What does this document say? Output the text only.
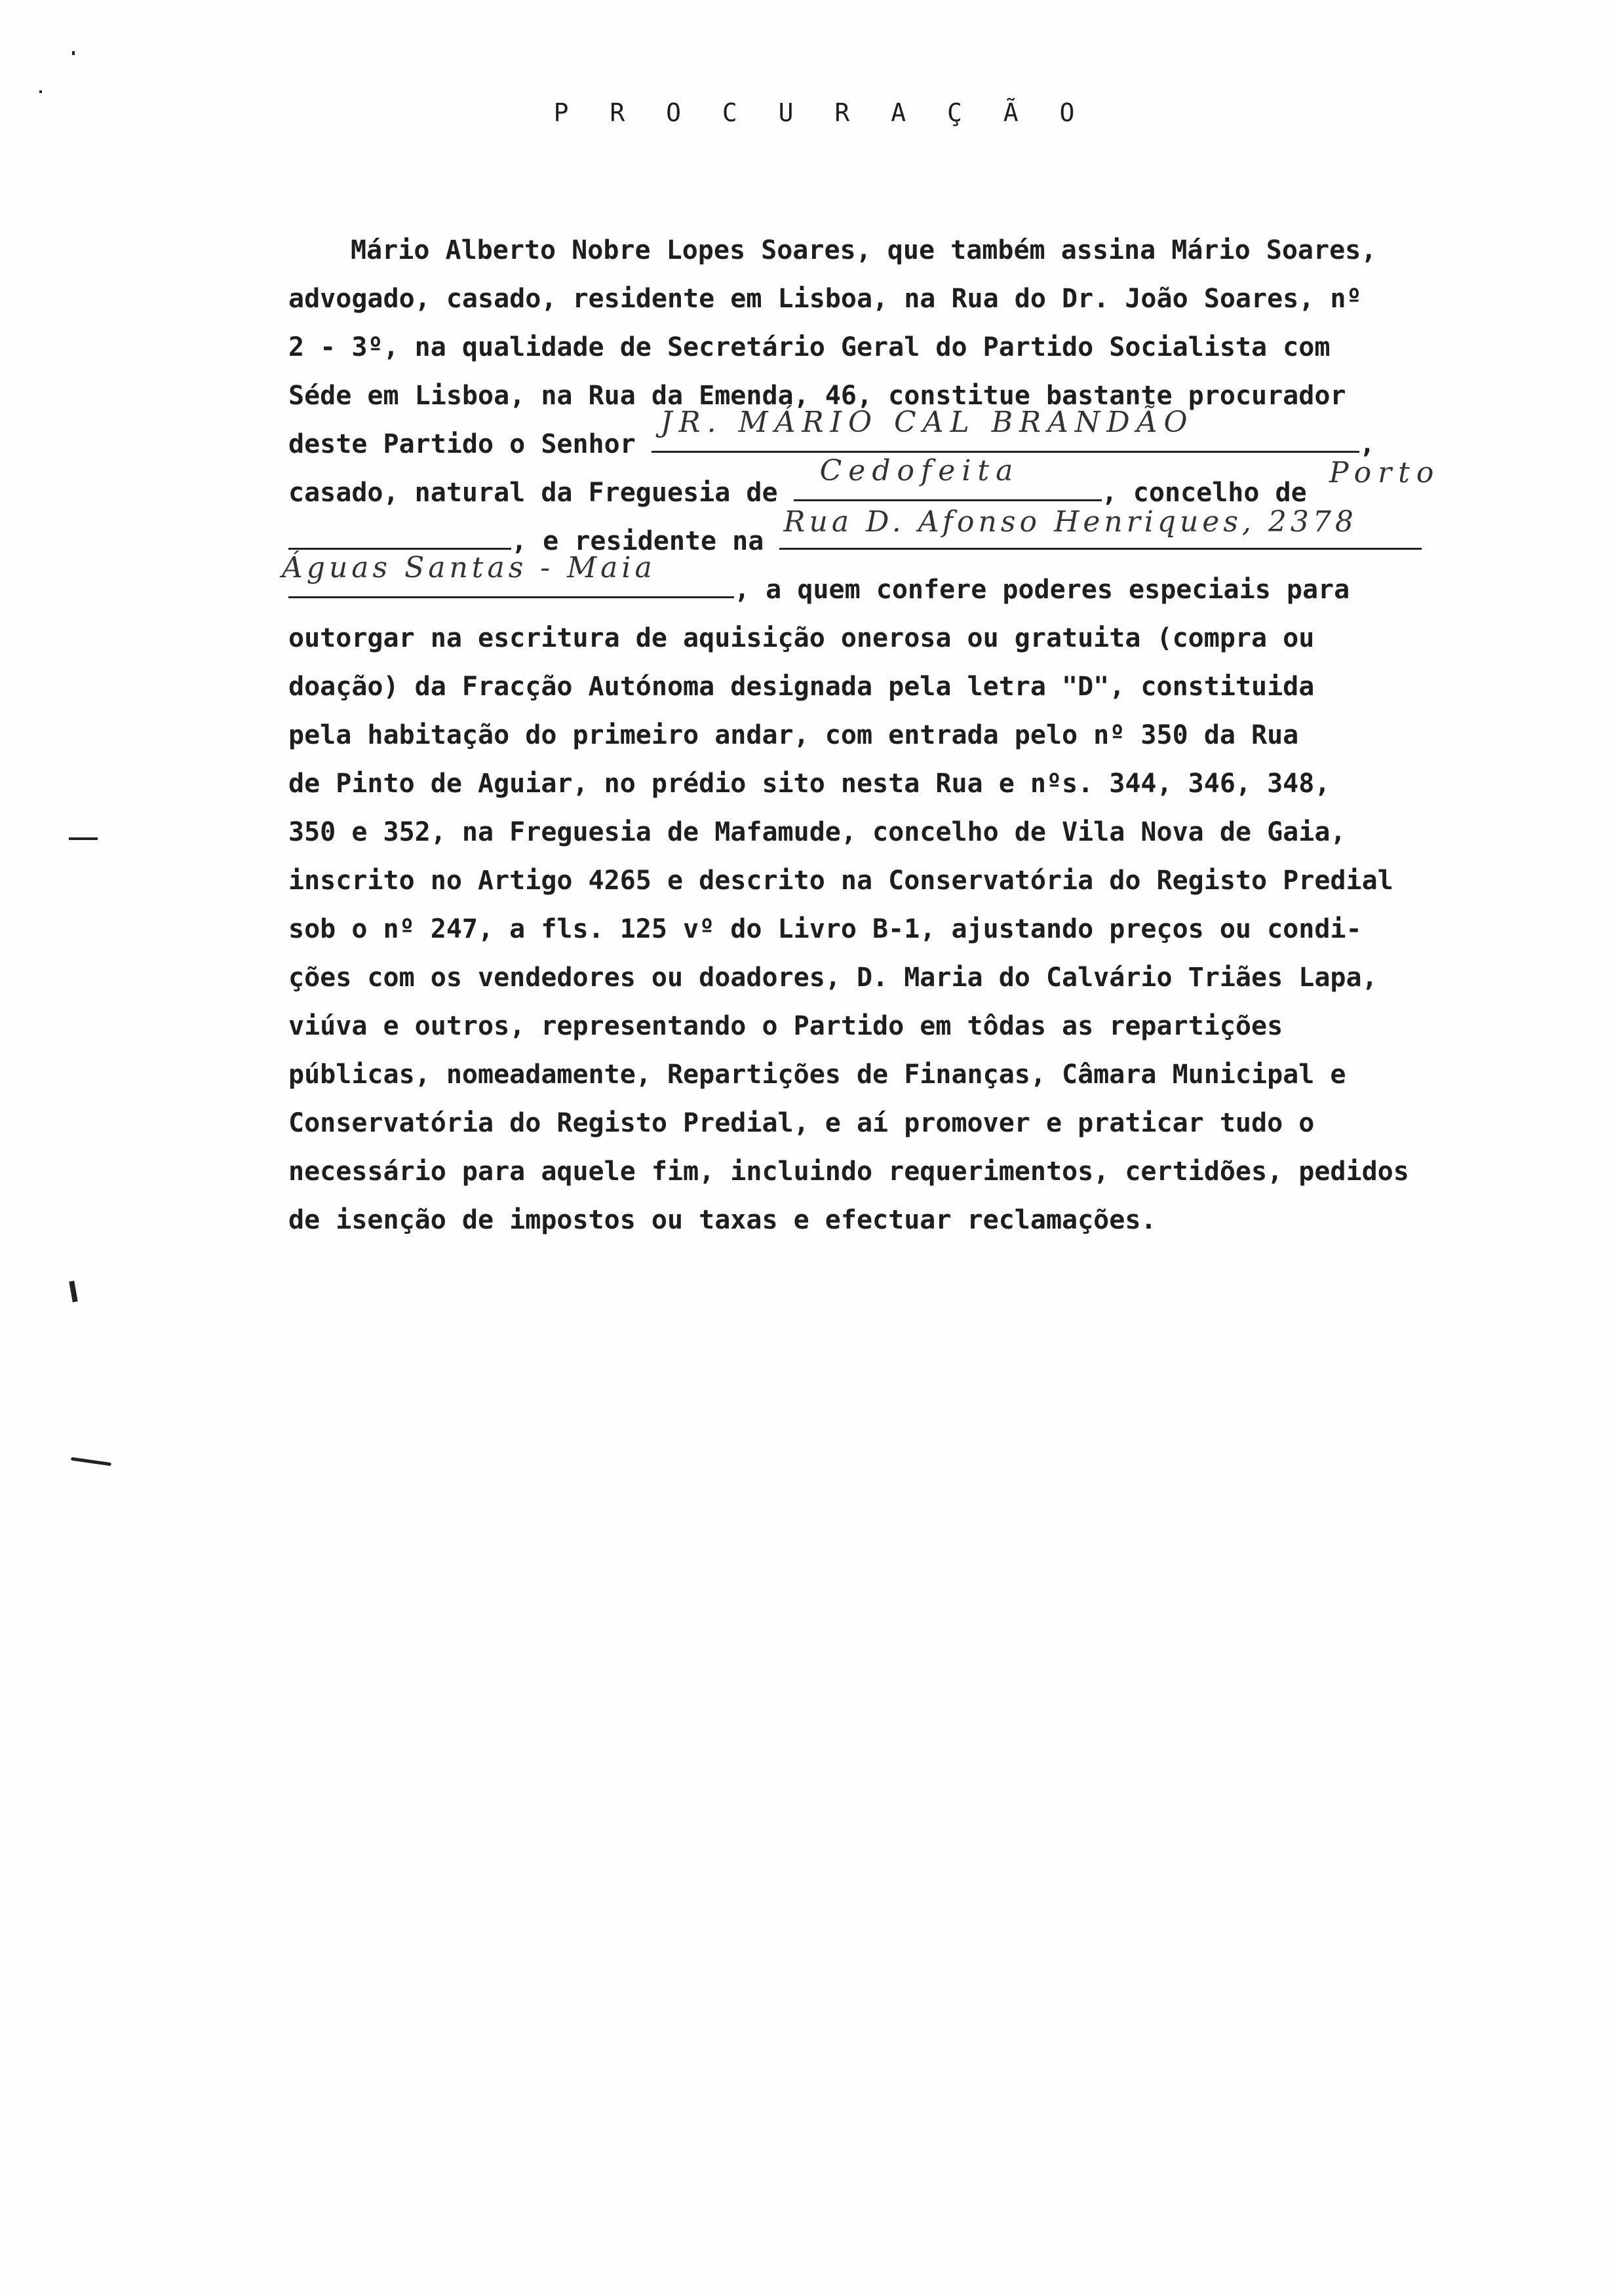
P R O C U R A Ç Ã O
Mário Alberto Nobre Lopes Soares, que também assina Mário Soares,
advogado, casado, residente em Lisboa, na Rua do Dr. João Soares, nº
2 - 3º, na qualidade de Secretário Geral do Partido Socialista com
Séde em Lisboa, na Rua da Emenda, 46, constitue bastante procurador
deste Partido o Senhor
JR. MÁRIO CAL BRANDÃO
,
casado, natural da Freguesia de
Cedofeita
, concelho de
Porto
, e residente na
Rua D. Afonso Henriques, 2378
Águas Santas - Maia
, a quem confere poderes especiais para
outorgar na escritura de aquisição onerosa ou gratuita (compra ou
doação) da Fracção Autónoma designada pela letra "D", constituida
pela habitação do primeiro andar, com entrada pelo nº 350 da Rua
de Pinto de Aguiar, no prédio sito nesta Rua e nºs. 344, 346, 348,
350 e 352, na Freguesia de Mafamude, concelho de Vila Nova de Gaia,
inscrito no Artigo 4265 e descrito na Conservatória do Registo Predial
sob o nº 247, a fls. 125 vº do Livro B-1, ajustando preços ou condi-
ções com os vendedores ou doadores, D. Maria do Calvário Triães Lapa,
viúva e outros, representando o Partido em tôdas as repartições
públicas, nomeadamente, Repartições de Finanças, Câmara Municipal e
Conservatória do Registo Predial, e aí promover e praticar tudo o
necessário para aquele fim, incluindo requerimentos, certidões, pedidos
de isenção de impostos ou taxas e efectuar reclamações.
